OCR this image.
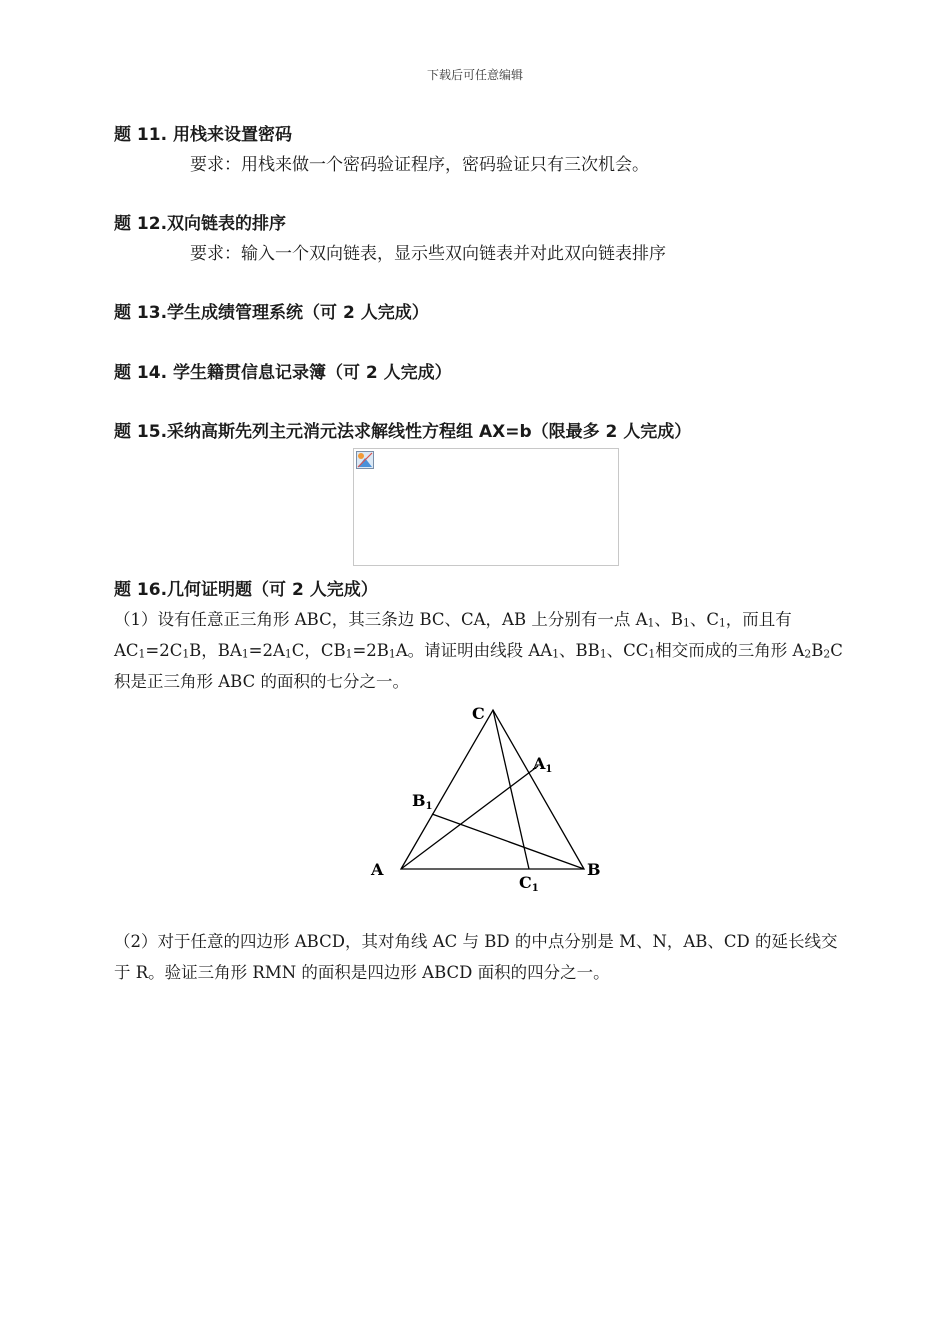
下载后可任意编辑
题 11. 用栈来设置密码
要求：用栈来做一个密码验证程序，密码验证只有三次机会。
题 12.双向链表的排序
要求：输入一个双向链表，显示些双向链表并对此双向链表排序
题 13.学生成绩管理系统（可 2 人完成）
题 14. 学生籍贯信息记录簿（可 2 人完成）
题 15.采纳高斯先列主元消元法求解线性方程组 AX=b（限最多 2 人完成）
题 16.几何证明题（可 2 人完成）
（1）设有任意正三角形 ABC，其三条边 BC、CA，AB 上分别有一点 $A_1$、$B_1$、$C_1$，而且有
$AC_1=2C_1B$，$BA_1=2A_1C$，$CB_1=2B_1A$。请证明由线段 $AA_1$、$BB_1$、$CC_1$相交而成的三角形 $A_2B_2C$
积是正三角形 ABC 的面积的七分之一。
C
A1
B1
A	B
C1
（2）对于任意的四边形 ABCD，其对角线 AC 与 BD 的中点分别是 M、N，AB、CD 的延长线交
于 R。验证三角形 RMN 的面积是四边形 ABCD 面积的四分之一。
